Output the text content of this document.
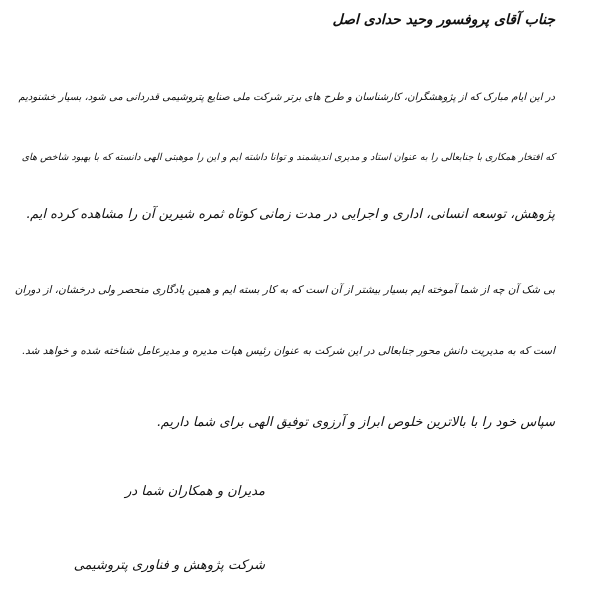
جناب آقای پروفسور وحید حدادی اصل
در این ایام مبارک که از پژوهشگران، کارشناسان و طرح های برتر شرکت ملی صنایع پتروشیمی قدردانی می شود، بسیار خشنودیم
که افتخار همکاری با جنابعالی را به عنوان استاد و مدیری اندیشمند و توانا داشته ایم و این را موهبتی الهی دانسته که با بهبود شاخص های
پژوهش، توسعه انسانی، اداری و اجرایی در مدت زمانی کوتاه ثمره شیرین آن را مشاهده کرده ایم.
بی شک آن چه از شما آموخته ایم بسیار بیشتر از آن است که به کار بسته ایم و همین یادگاری منحصر ولی درخشان، از دوران
است که به مدیریت دانش محور جنابعالی در این شرکت به عنوان رئیس هیات مدیره و مدیرعامل شناخته شده و خواهد شد.
سپاس خود را با بالاترین خلوص ابراز و آرزوی توفیق الهی برای شما داریم.
مدیران و همکاران شما در
شرکت پژوهش و فناوری پتروشیمی
